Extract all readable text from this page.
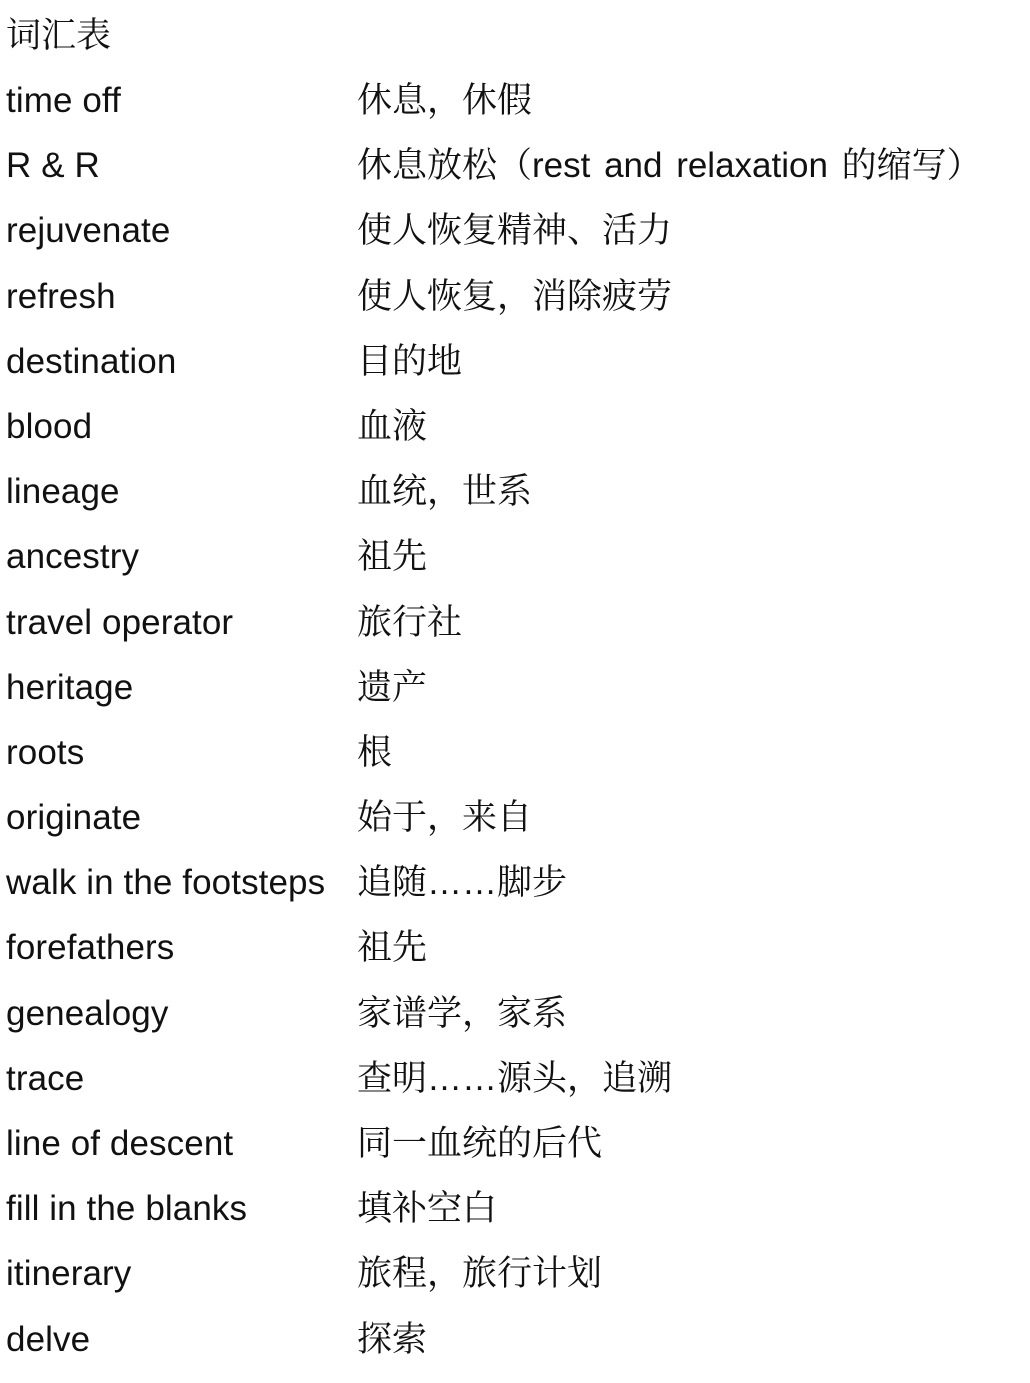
词汇表
time off	休息，休假
R & R	休息放松（rest and relaxation 的缩写）
rejuvenate	使人恢复精神、活力
refresh	使人恢复，消除疲劳
destination	目的地
blood	血液
lineage	血统，世系
ancestry	祖先
travel operator	旅行社
heritage	遗产
roots	根
originate	始于，来自
walk in the footsteps 追随……脚步
forefathers	祖先
genealogy	家谱学，家系
trace	查明……源头，追溯
line of descent	同一血统的后代
fill in the blanks	填补空白
itinerary	旅程，旅行计划
delve	探索
